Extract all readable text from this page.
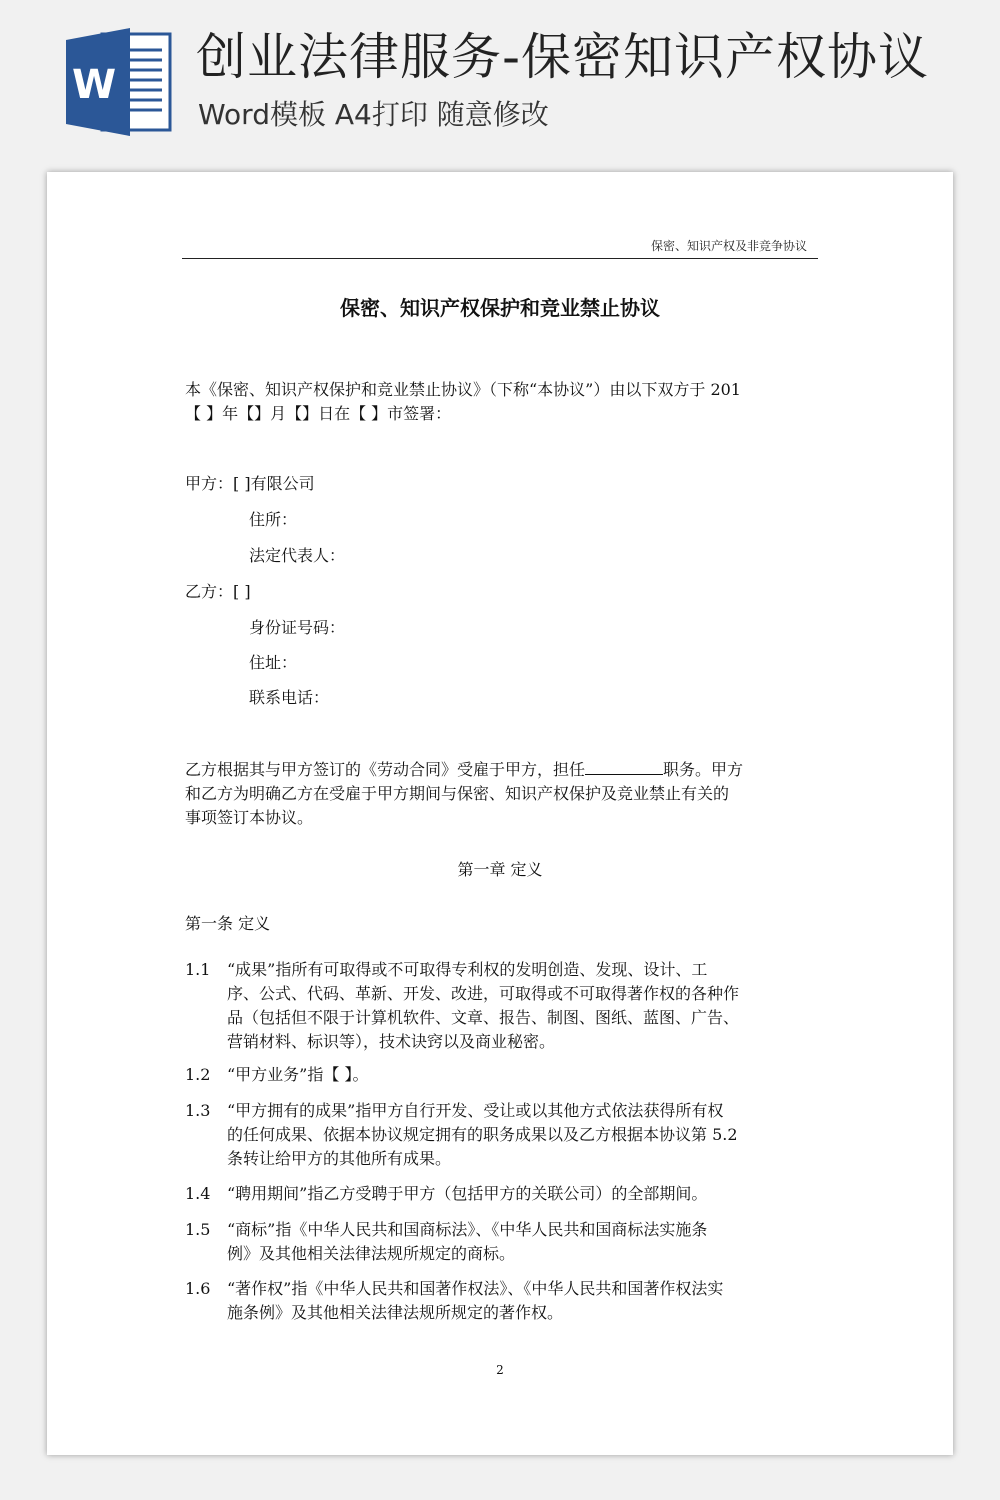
W 创业法律服务-保密知识产权协议
Word模板 A4打印 随意修改
保密、知识产权及非竞争协议
保密、知识产权保护和竞业禁止协议
本《保密、知识产权保护和竞业禁止协议》（下称“本协议”）由以下双方于 201
【 】年【】月【】日在【 】市签署：
甲方：[ ]有限公司
住所：
法定代表人：
乙方：[ ]
身份证号码：
住址：
联系电话：
乙方根据其与甲方签订的《劳动合同》受雇于甲方，担任	职务。甲方
和乙方为明确乙方在受雇于甲方期间与保密、知识产权保护及竞业禁止有关的
事项签订本协议。
第一章 定义
第一条 定义
1.1	“成果”指所有可取得或不可取得专利权的发明创造、发现、设计、工
序、公式、代码、革新、开发、改进，可取得或不可取得著作权的各种作
品（包括但不限于计算机软件、文章、报告、制图、图纸、蓝图、广告、
营销材料、标识等），技术诀窍以及商业秘密。
1.2	“甲方业务”指【 】。
1.3	“甲方拥有的成果”指甲方自行开发、受让或以其他方式依法获得所有权
的任何成果、依据本协议规定拥有的职务成果以及乙方根据本协议第 5.2
条转让给甲方的其他所有成果。
1.4	“聘用期间”指乙方受聘于甲方（包括甲方的关联公司）的全部期间。
1.5	“商标”指《中华人民共和国商标法》、《中华人民共和国商标法实施条
例》及其他相关法律法规所规定的商标。
1.6	“著作权”指《中华人民共和国著作权法》、《中华人民共和国著作权法实
施条例》及其他相关法律法规所规定的著作权。
2
